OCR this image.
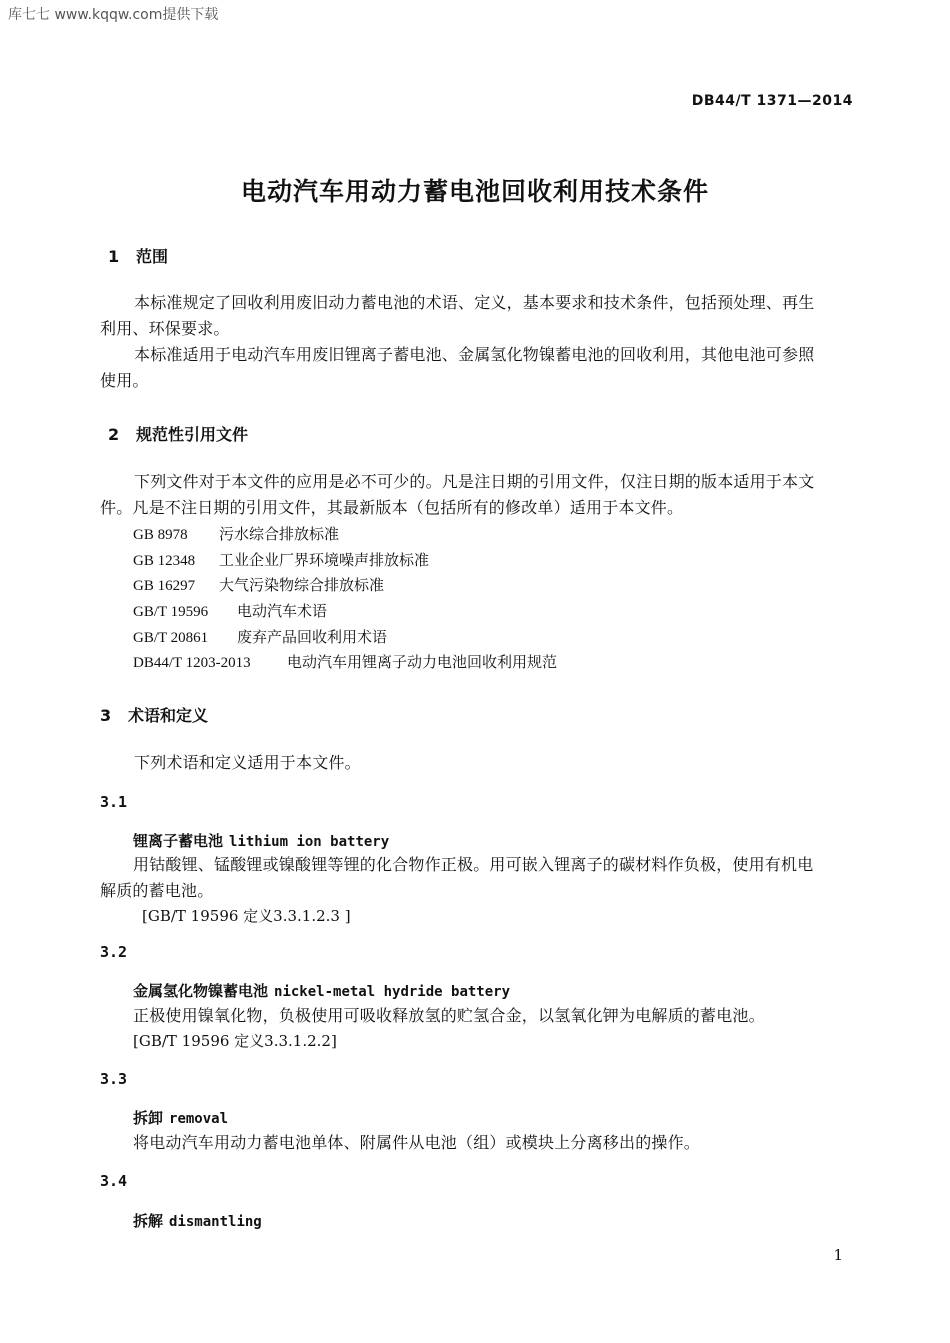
库七七 www.kqqw.com提供下载
DB44/T 1371—2014
电动汽车用动力蓄电池回收利用技术条件
1 范围
本标准规定了回收利用废旧动力蓄电池的术语、定义，基本要求和技术条件，包括预处理、再生
利用、环保要求。
本标准适用于电动汽车用废旧锂离子蓄电池、金属氢化物镍蓄电池的回收利用，其他电池可参照
使用。
2 规范性引用文件
下列文件对于本文件的应用是必不可少的。凡是注日期的引用文件，仅注日期的版本适用于本文
件。凡是不注日期的引用文件，其最新版本（包括所有的修改单）适用于本文件。
GB 8978 污水综合排放标准
GB 12348 工业企业厂界环境噪声排放标准
GB 16297 大气污染物综合排放标准
GB/T 19596 电动汽车术语
GB/T 20861 废弃产品回收利用术语
DB44/T 1203-2013 电动汽车用锂离子动力电池回收利用规范
3 术语和定义
下列术语和定义适用于本文件。
3.1
锂离子蓄电池 lithium ion battery
用钴酸锂、锰酸锂或镍酸锂等锂的化合物作正极。用可嵌入锂离子的碳材料作负极，使用有机电
解质的蓄电池。
[GB/T 19596 定义3.3.1.2.3 ]
3.2
金属氢化物镍蓄电池 nickel-metal hydride battery
正极使用镍氧化物，负极使用可吸收释放氢的贮氢合金，以氢氧化钾为电解质的蓄电池。
[GB/T 19596 定义3.3.1.2.2]
3.3
拆卸 removal
将电动汽车用动力蓄电池单体、附属件从电池（组）或模块上分离移出的操作。
3.4
拆解 dismantling
1
